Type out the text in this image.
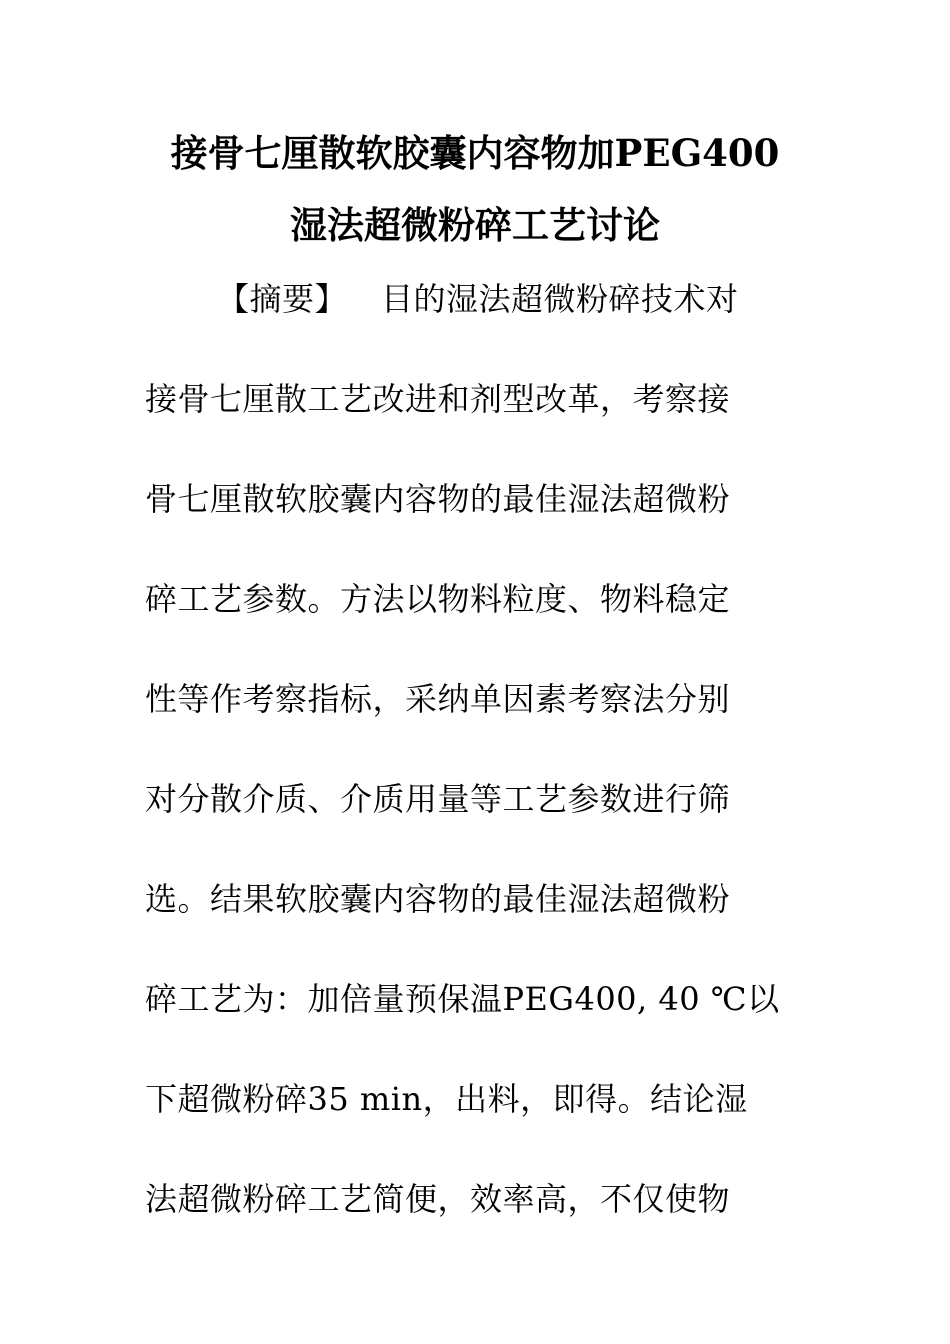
接骨七厘散软胶囊内容物加PEG400
湿法超微粉碎工艺讨论
【摘要】 目的湿法超微粉碎技术对
接骨七厘散工艺改进和剂型改革，考察接
骨七厘散软胶囊内容物的最佳湿法超微粉
碎工艺参数。方法以物料粒度、物料稳定
性等作考察指标，采纳单因素考察法分别
对分散介质、介质用量等工艺参数进行筛
选。结果软胶囊内容物的最佳湿法超微粉
碎工艺为：加倍量预保温PEG400, 40 ℃以
下超微粉碎35 min，出料，即得。结论湿
法超微粉碎工艺简便，效率高，不仅使物
